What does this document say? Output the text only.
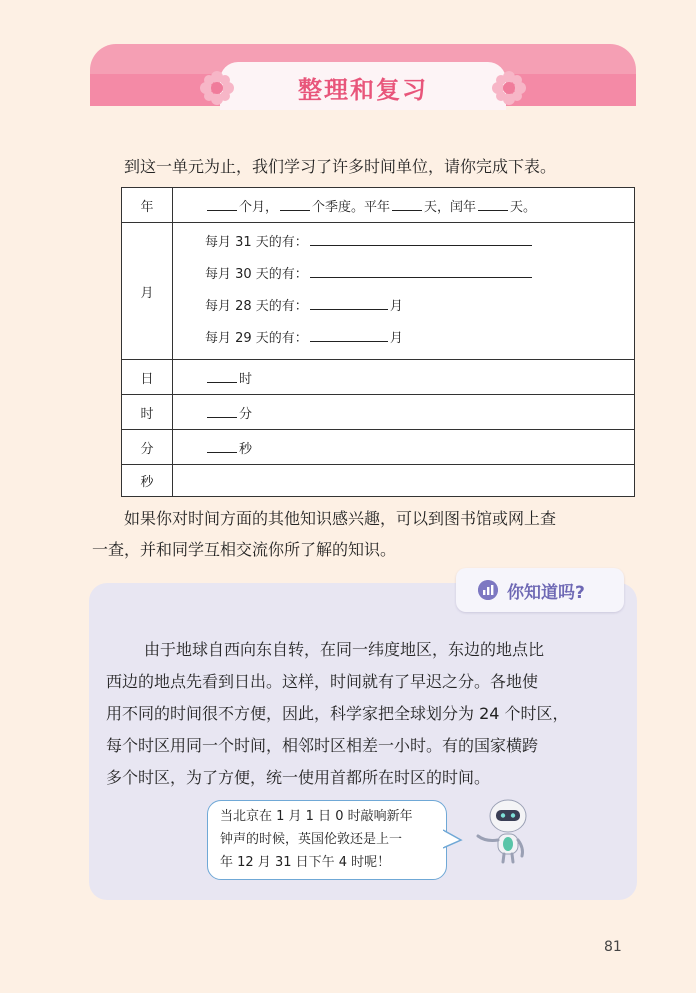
整理和复习
到这一单元为止，我们学习了许多时间单位，请你完成下表。
年	个月， 个季度。平年 天，闰年 天。
月	每月 31 天的有：
每月 30 天的有：
每月 28 天的有： 月
每月 29 天的有： 月

日	时
时	分
分	秒
秒	
如果你对时间方面的其他知识感兴趣，可以到图书馆或网上查
一查，并和同学互相交流你所了解的知识。
你知道吗?
由于地球自西向东自转，在同一纬度地区，东边的地点比
西边的地点先看到日出。这样，时间就有了早迟之分。各地使
用不同的时间很不方便，因此，科学家把全球划分为 24 个时区，
每个时区用同一个时间，相邻时区相差一小时。有的国家横跨
多个时区，为了方便，统一使用首都所在时区的时间。
当北京在 1 月 1 日 0 时敲响新年
钟声的时候，英国伦敦还是上一
年 12 月 31 日下午 4 时呢！
81
